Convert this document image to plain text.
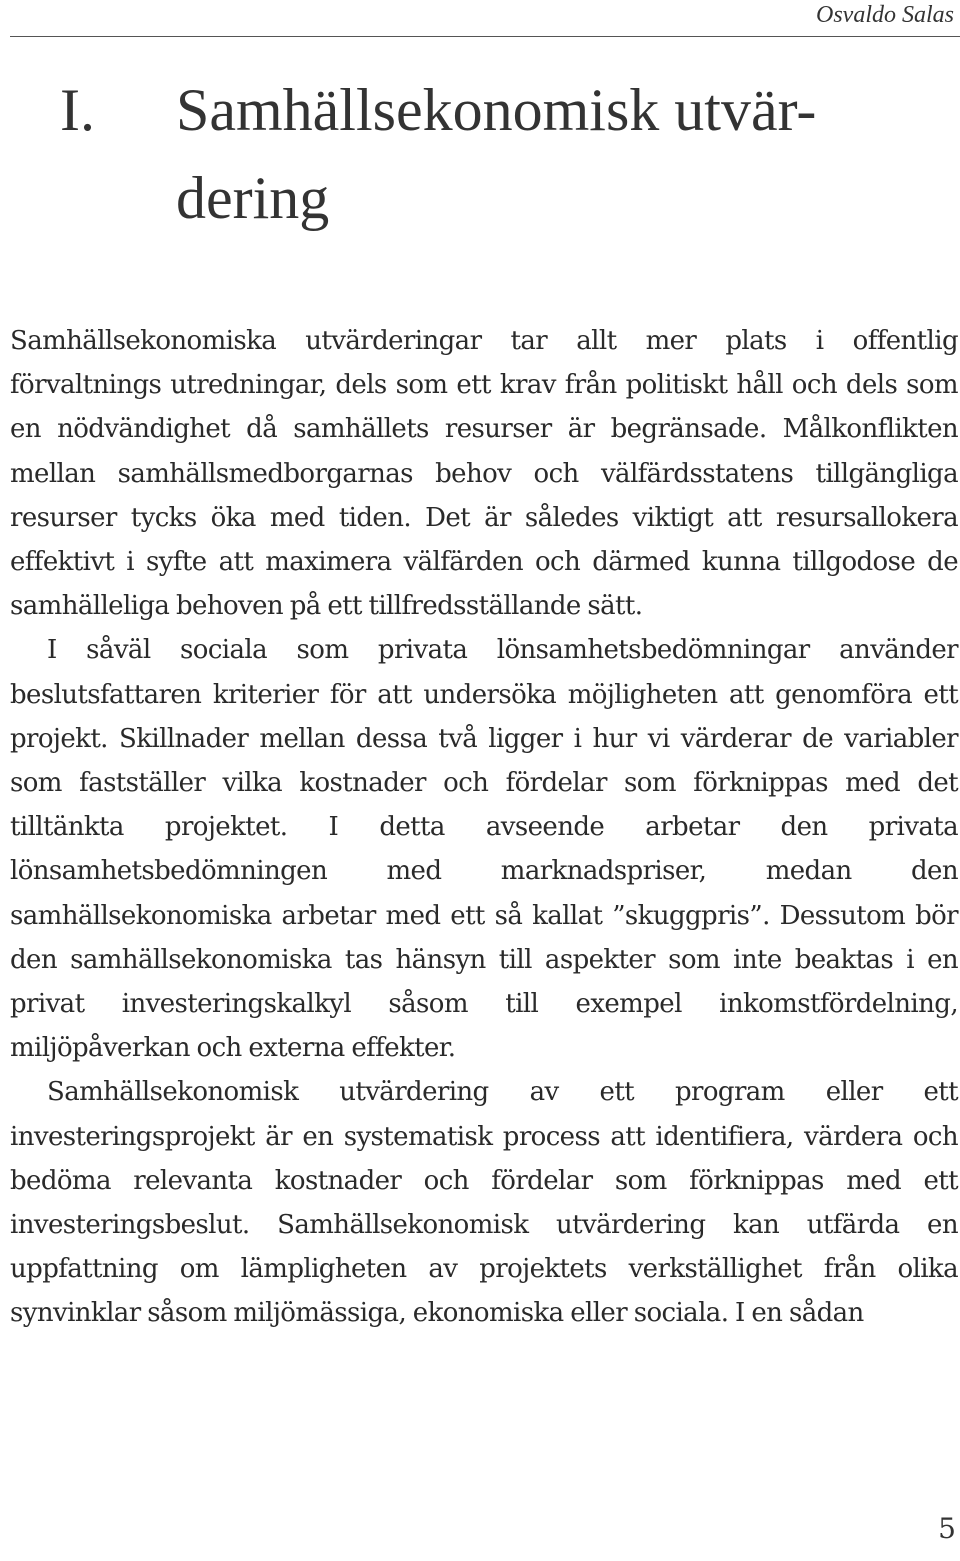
Osvaldo Salas
I. Samhällsekonomisk utvär-dering

Samhällsekonomiska utvärderingar tar allt mer plats i offentlig förvaltnings utredningar, dels som ett krav från politiskt håll och dels som en nödvändighet då samhällets resurser är begränsade. Målkonflikten mellan samhällsmedborgarnas behov och välfärdsstatens tillgängliga resurser tycks öka med tiden. Det är således viktigt att resursallokera effektivt i syfte att maximera välfärden och därmed kunna tillgodose de samhälleliga behoven på ett tillfredsställande sätt.

I såväl sociala som privata lönsamhetsbedömningar använder beslutsfattaren kriterier för att undersöka möjligheten att genomföra ett projekt. Skillnader mellan dessa två ligger i hur vi värderar de variabler som fastställer vilka kostnader och fördelar som förknippas med det tilltänkta projektet. I detta avseende arbetar den privata lönsamhetsbedömningen med marknadspriser, medan den samhällsekonomiska arbetar med ett så kallat ”skuggpris”. Dessutom bör den samhällsekonomiska tas hänsyn till aspekter som inte beaktas i en privat investeringskalkyl såsom till exempel inkomstfördelning, miljöpåverkan och externa effekter.

Samhällsekonomisk utvärdering av ett program eller ett investeringsprojekt är en systematisk process att identifiera, värdera och bedöma relevanta kostnader och fördelar som förknippas med ett investeringsbeslut. Samhällsekonomisk utvärdering kan utfärda en uppfattning om lämpligheten av projektets verkställighet från olika synvinklar såsom miljömässiga, ekonomiska eller sociala. I en sådan

5
